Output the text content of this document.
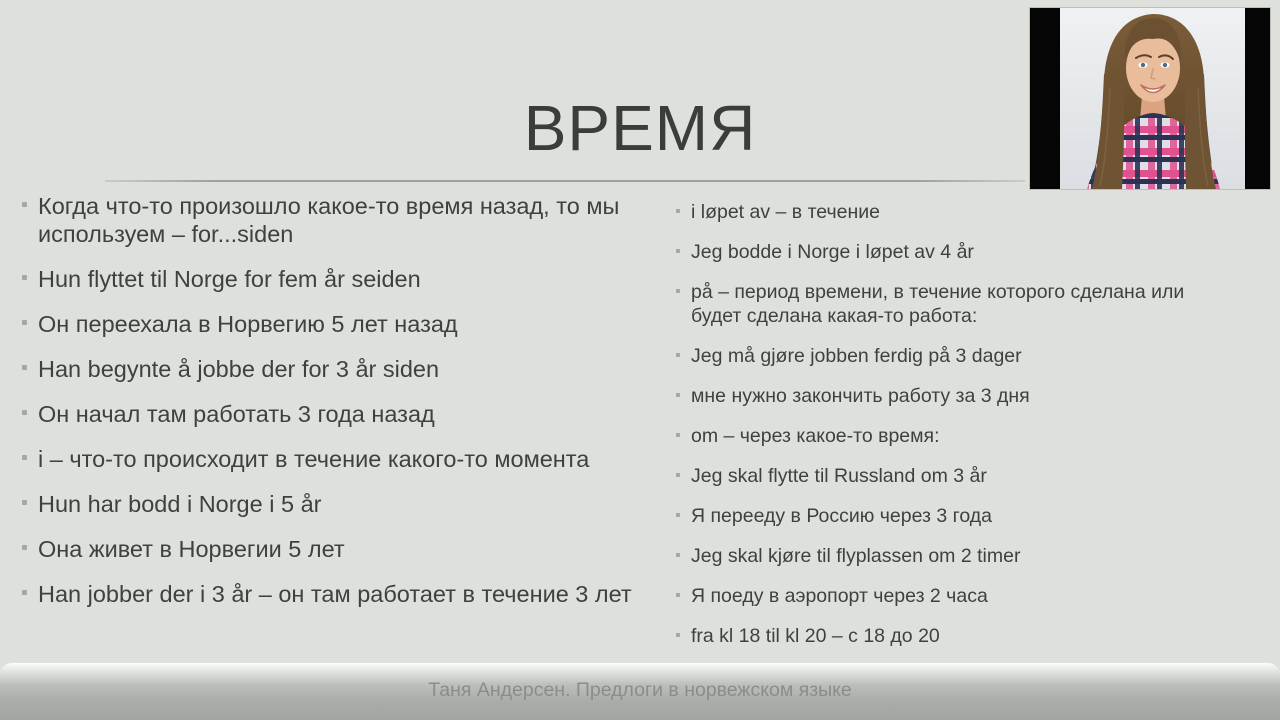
ВРЕМЯ
Когда что-то произошло какое-то время назад, то мы используем – for...siden
Hun flyttet til Norge for fem år seiden
Он переехала в Норвегию 5 лет назад
Han begynte å jobbe der for 3 år siden
Он начал там работать 3 года назад
i – что-то происходит в течение какого-то момента
Hun har bodd i Norge i 5 år
Она живет в Норвегии 5 лет
Han jobber der i 3 år – он там работает в течение 3 лет
i løpet av – в течение
Jeg bodde i Norge i løpet av 4 år
på – период времени, в течение которого сделана или будет сделана какая-то работа:
Jeg må gjøre jobben ferdig på 3 dager
мне нужно закончить работу за 3 дня
om – через какое-то время:
Jeg skal flytte til Russland om 3 år
Я перееду в Россию через 3 года
Jeg skal kjøre til flyplassen om 2 timer
Я поеду в аэропорт через 2 часа
fra kl 18 til kl 20 – с 18 до 20
Таня Андерсен. Предлоги в норвежском языке
